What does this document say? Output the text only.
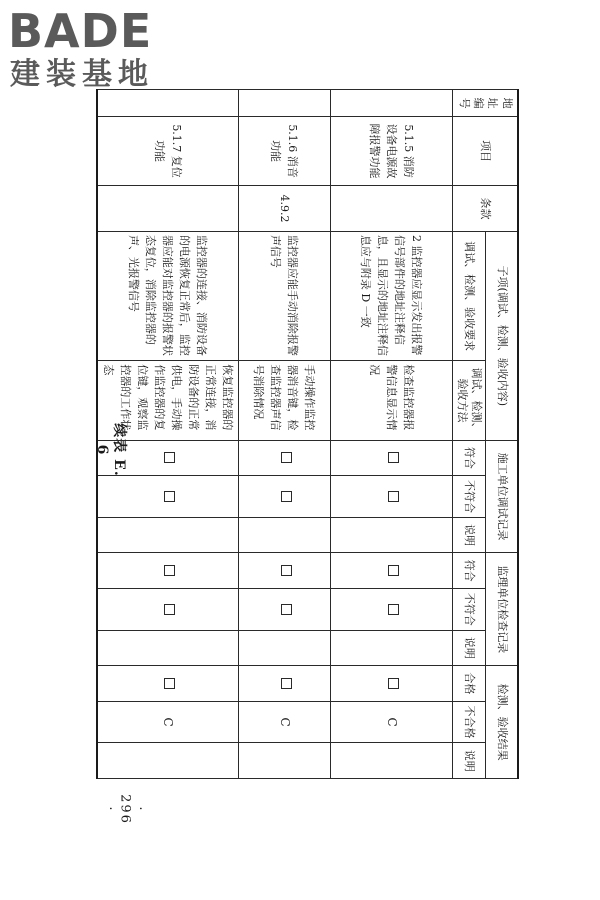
BADE
建装基地
续表 E. 6
地址编号	项目	条款	子项(调试、检测、验收内容)		施工单位调试记录			监理单位检查记录			检测、验收结果		
			调试、检测、验收要求	调试、检测、验收方法	符合	不符合	说明	符合	不符合	说明	合格	不合格	说明
	5.1.5 消防设备电源故障报警功能		2 监控器应显示发出报警信号部件的地址注释信息，且显示的地址注释信息应与附录 D 一致	检查监控器报警信息显示情况								C	
	5.1.6 消音功能	4.9.2	监控器应能手动消除报警声信号	手动操作监控器消音键，检查监控器声信号消除情况								C	
	5.1.7 复位功能		监控器的连接、消防设备的电源恢复正常后，监控器应能对监控器的报警状态复位，消除监控器的声、光报警信号	恢复监控器的正常连接，消防设备的正常供电，手动操作监控器的复位键，观察监控器的工作状态								C	
· 296 ·
